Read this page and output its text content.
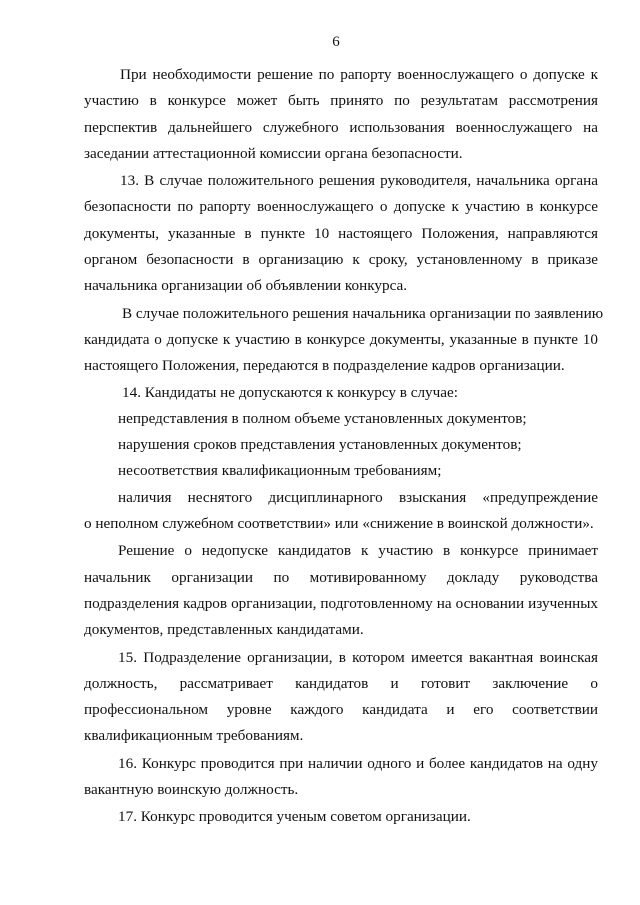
6
При необходимости решение по рапорту военнослужащего о допуске к
участию в конкурсе может быть принято по результатам рассмотрения
перспектив дальнейшего служебного использования военнослужащего на
заседании аттестационной комиссии органа безопасности.
13. В случае положительного решения руководителя, начальника органа
безопасности по рапорту военнослужащего о допуске к участию в конкурсе
документы, указанные в пункте 10 настоящего Положения, направляются
органом безопасности в организацию к сроку, установленному в приказе
начальника организации об объявлении конкурса.
В случае положительного решения начальника организации по заявлению
кандидата о допуске к участию в конкурсе документы, указанные в пункте 10
настоящего Положения, передаются в подразделение кадров организации.
14. Кандидаты не допускаются к конкурсу в случае:
непредставления в полном объеме установленных документов;
нарушения сроков представления установленных документов;
несоответствия квалификационным требованиям;
наличия неснятого дисциплинарного взыскания «предупреждение
о неполном служебном соответствии» или «снижение в воинской должности».
Решение о недопуске кандидатов к участию в конкурсе принимает
начальник организации по мотивированному докладу руководства
подразделения кадров организации, подготовленному на основании изученных
документов, представленных кандидатами.
15. Подразделение организации, в котором имеется вакантная воинская
должность, рассматривает кандидатов и готовит заключение о
профессиональном уровне каждого кандидата и его соответствии
квалификационным требованиям.
16. Конкурс проводится при наличии одного и более кандидатов на одну
вакантную воинскую должность.
17. Конкурс проводится ученым советом организации.
